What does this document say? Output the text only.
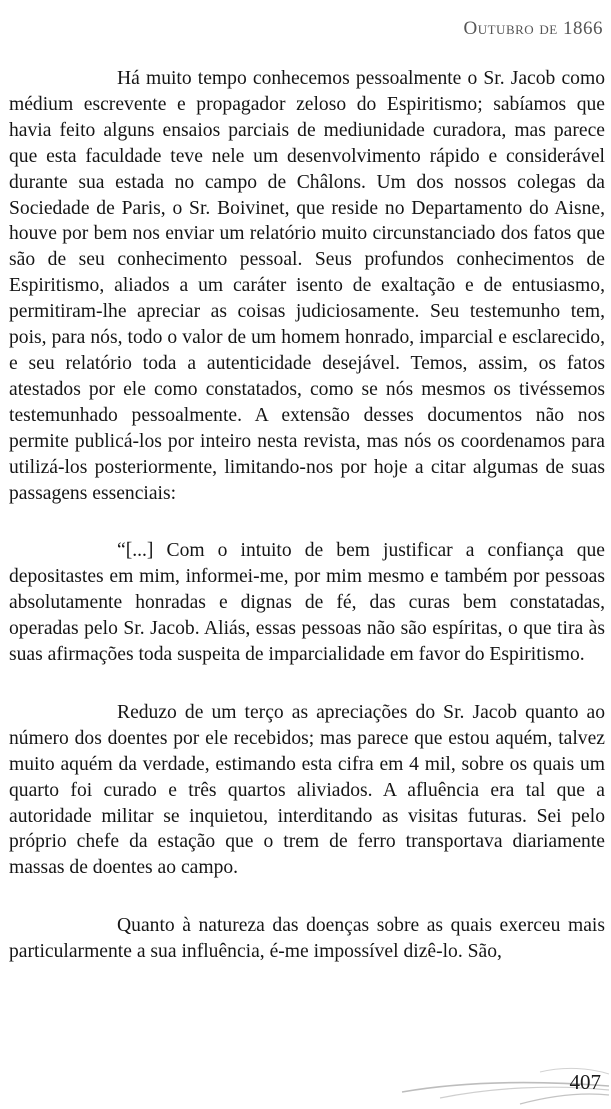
Outubro de 1866

Há muito tempo conhecemos pessoalmente o Sr. Jacob como médium escrevente e propagador zeloso do Espiritismo; sabíamos que havia feito alguns ensaios parciais de mediunidade curadora, mas parece que esta faculdade teve nele um desenvolvimento rápido e considerável durante sua estada no campo de Châlons. Um dos nossos colegas da Sociedade de Paris, o Sr. Boivinet, que reside no Departamento do Aisne, houve por bem nos enviar um relatório muito circunstanciado dos fatos que são de seu conhecimento pessoal. Seus profundos conhecimentos de Espiritismo, aliados a um caráter isento de exaltação e de entusiasmo, permitiram-lhe apreciar as coisas judiciosamente. Seu testemunho tem, pois, para nós, todo o valor de um homem honrado, imparcial e esclarecido, e seu relatório toda a autenticidade desejável. Temos, assim, os fatos atestados por ele como constatados, como se nós mesmos os tivéssemos testemunhado pessoalmente. A extensão desses documentos não nos permite publicá-los por inteiro nesta revista, mas nós os coordenamos para utilizá-los posteriormente, limitando-nos por hoje a citar algumas de suas passagens essenciais:

“[...] Com o intuito de bem justificar a confiança que depositastes em mim, informei-me, por mim mesmo e também por pessoas absolutamente honradas e dignas de fé, das curas bem constatadas, operadas pelo Sr. Jacob. Aliás, essas pessoas não são espíritas, o que tira às suas afirmações toda suspeita de imparcialidade em favor do Espiritismo.

Reduzo de um terço as apreciações do Sr. Jacob quanto ao número dos doentes por ele recebidos; mas parece que estou aquém, talvez muito aquém da verdade, estimando esta cifra em 4 mil, sobre os quais um quarto foi curado e três quartos aliviados. A afluência era tal que a autoridade militar se inquietou, interditando as visitas futuras. Sei pelo próprio chefe da estação que o trem de ferro transportava diariamente massas de doentes ao campo.

Quanto à natureza das doenças sobre as quais exerceu mais particularmente a sua influência, é-me impossível dizê-lo. São,

407
